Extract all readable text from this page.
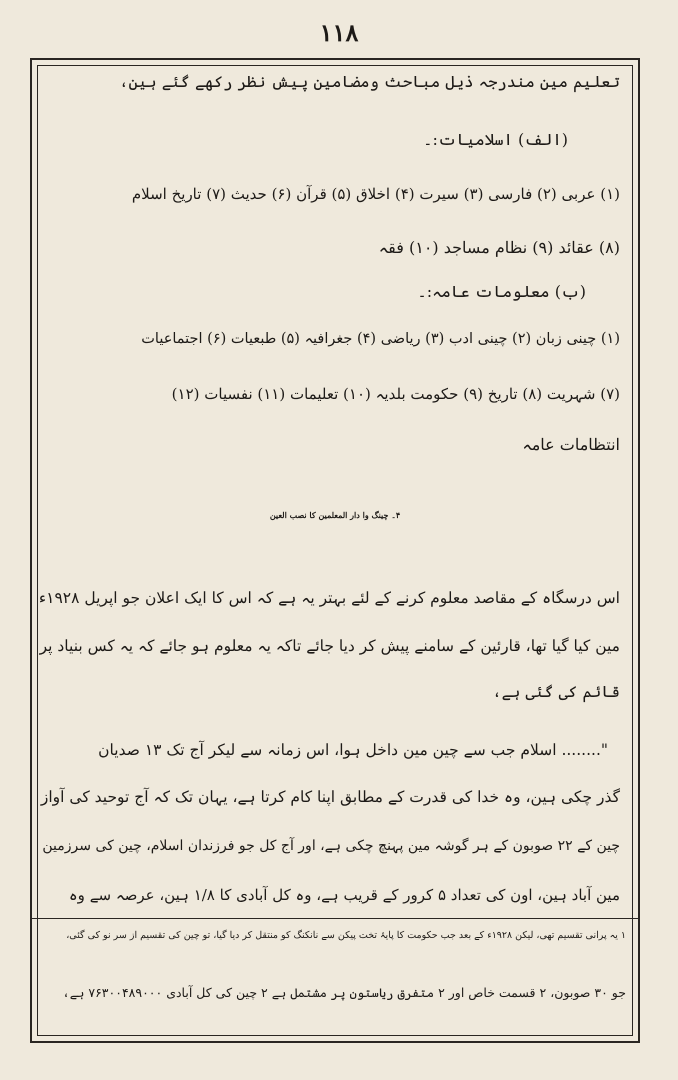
۱۱۸
تعلیم مین مندرجہ ذیل مباحث ومضامین پیش نظر رکھے گئے ہین،
(الف) اسلامیات:۔
(۱) عربی (۲) فارسی (۳) سیرت (۴) اخلاق (۵) قرآن (۶) حدیث (۷) تاریخ اسلام
(۸) عقائد (۹) نظام مساجد (۱۰) فقہ
(ب) معلومات عامہ:۔
(۱) چینی زبان (۲) چینی ادب (۳) ریاضی (۴) جغرافیہ (۵) طبعیات (۶) اجتماعیات
(۷) شہریت (۸) تاریخ (۹) حکومت بلدیہ (۱۰) تعلیمات (۱۱) نفسیات (۱۲)
انتظامات عامہ
۴۔ چینگ وا دار المعلمین کا نصب العین
اس درسگاہ کے مقاصد معلوم کرنے کے لئے بہتر یہ ہے کہ اس کا ایک اعلان جو اپریل ۱۹۲۸ء
مین کیا گیا تھا، قارئین کے سامنے پیش کر دیا جائے تاکہ یہ معلوم ہو جائے کہ یہ کس بنیاد پر
قائم کی گئی ہے،
"........ اسلام جب سے چین مین داخل ہوا، اس زمانہ سے لیکر آج تک ۱۳ صدیان
گذر چکی ہین، وہ خدا کی قدرت کے مطابق اپنا کام کرتا ہے، یہان تک کہ آج توحید کی آواز
چین کے ۲۲ صوبون کے ہر گوشہ مین پہنچ چکی ہے، اور آج کل جو فرزندان اسلام، چین کی سرزمین
مین آباد ہین، اون کی تعداد ۵ کرور کے قریب ہے، وہ کل آبادی کا ۱/۸ ہین، عرصہ سے وہ
۱ یہ پرانی تقسیم تھی، لیکن ۱۹۲۸ء کے بعد جب حکومت کا پایۂ تخت پیکن سے نانکنگ کو منتقل کر دیا گیا، تو چین کی تقسیم از سر نو کی گئی،
جو ۳۰ صوبون، ۲ قسمت خاص اور ۲ متفرق ریاستون پر مشتمل ہے ۲ چین کی کل آبادی ۷۶۳۰۰۴۸۹۰۰۰ ہے،
